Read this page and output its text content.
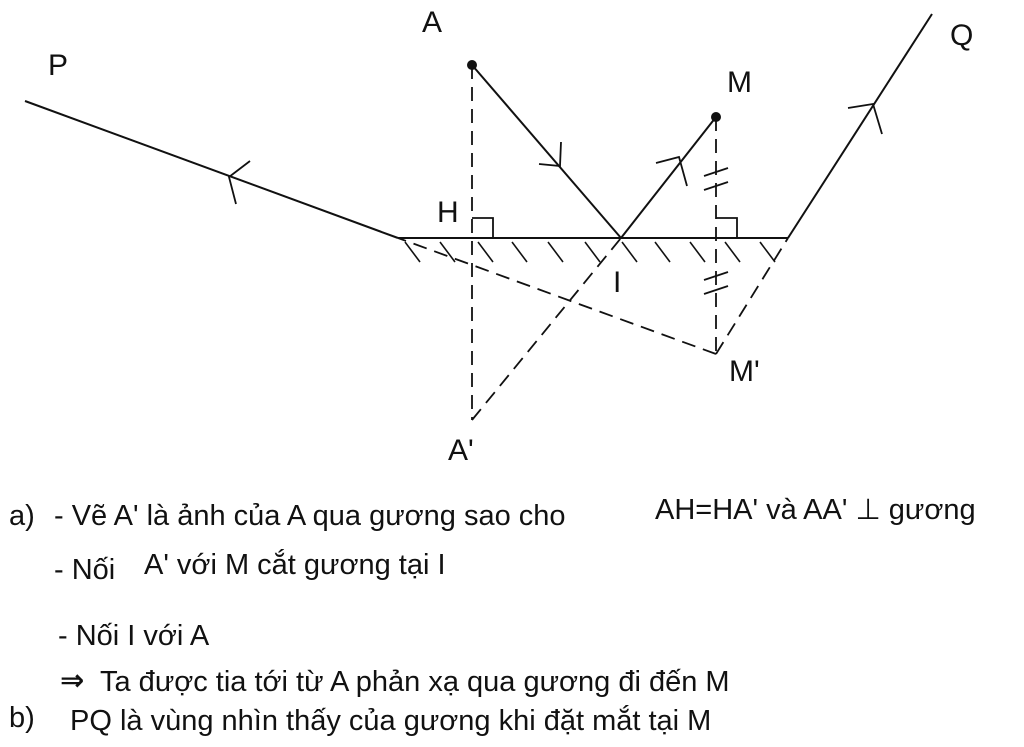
P
Q
A
M
H
I
A'
M'
a) - Vẽ A' là ảnh của A qua gương sao cho	AH=HA' và AA' ⊥ gương
- Nối A' với M cắt gương tại I
- Nối I với A
⇒ Ta được tia tới từ A phản xạ qua gương đi đến M
b) PQ là vùng nhìn thấy của gương khi đặt mắt tại M
